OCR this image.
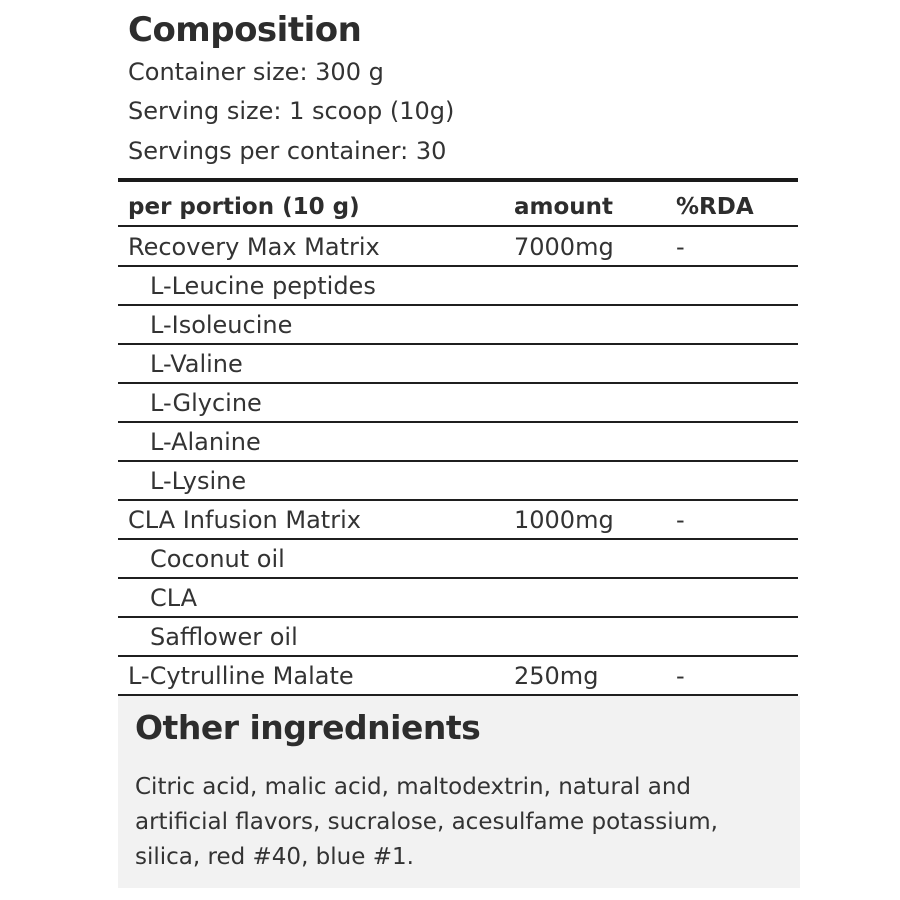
Composition
Container size: 300 g
Serving size: 1 scoop (10g)
Servings per container: 30
per portion (10 g)	amount	%RDA
Recovery Max Matrix	7000mg	-
L-Leucine peptides
L-Isoleucine
L-Valine
L-Glycine
L-Alanine
L-Lysine
CLA Infusion Matrix	1000mg	-
Coconut oil
CLA
Safflower oil
L-Cytrulline Malate	250mg	-
Other ingrednients
Citric acid, malic acid, maltodextrin, natural and artificial flavors, sucralose, acesulfame potassium, silica, red #40, blue #1.
